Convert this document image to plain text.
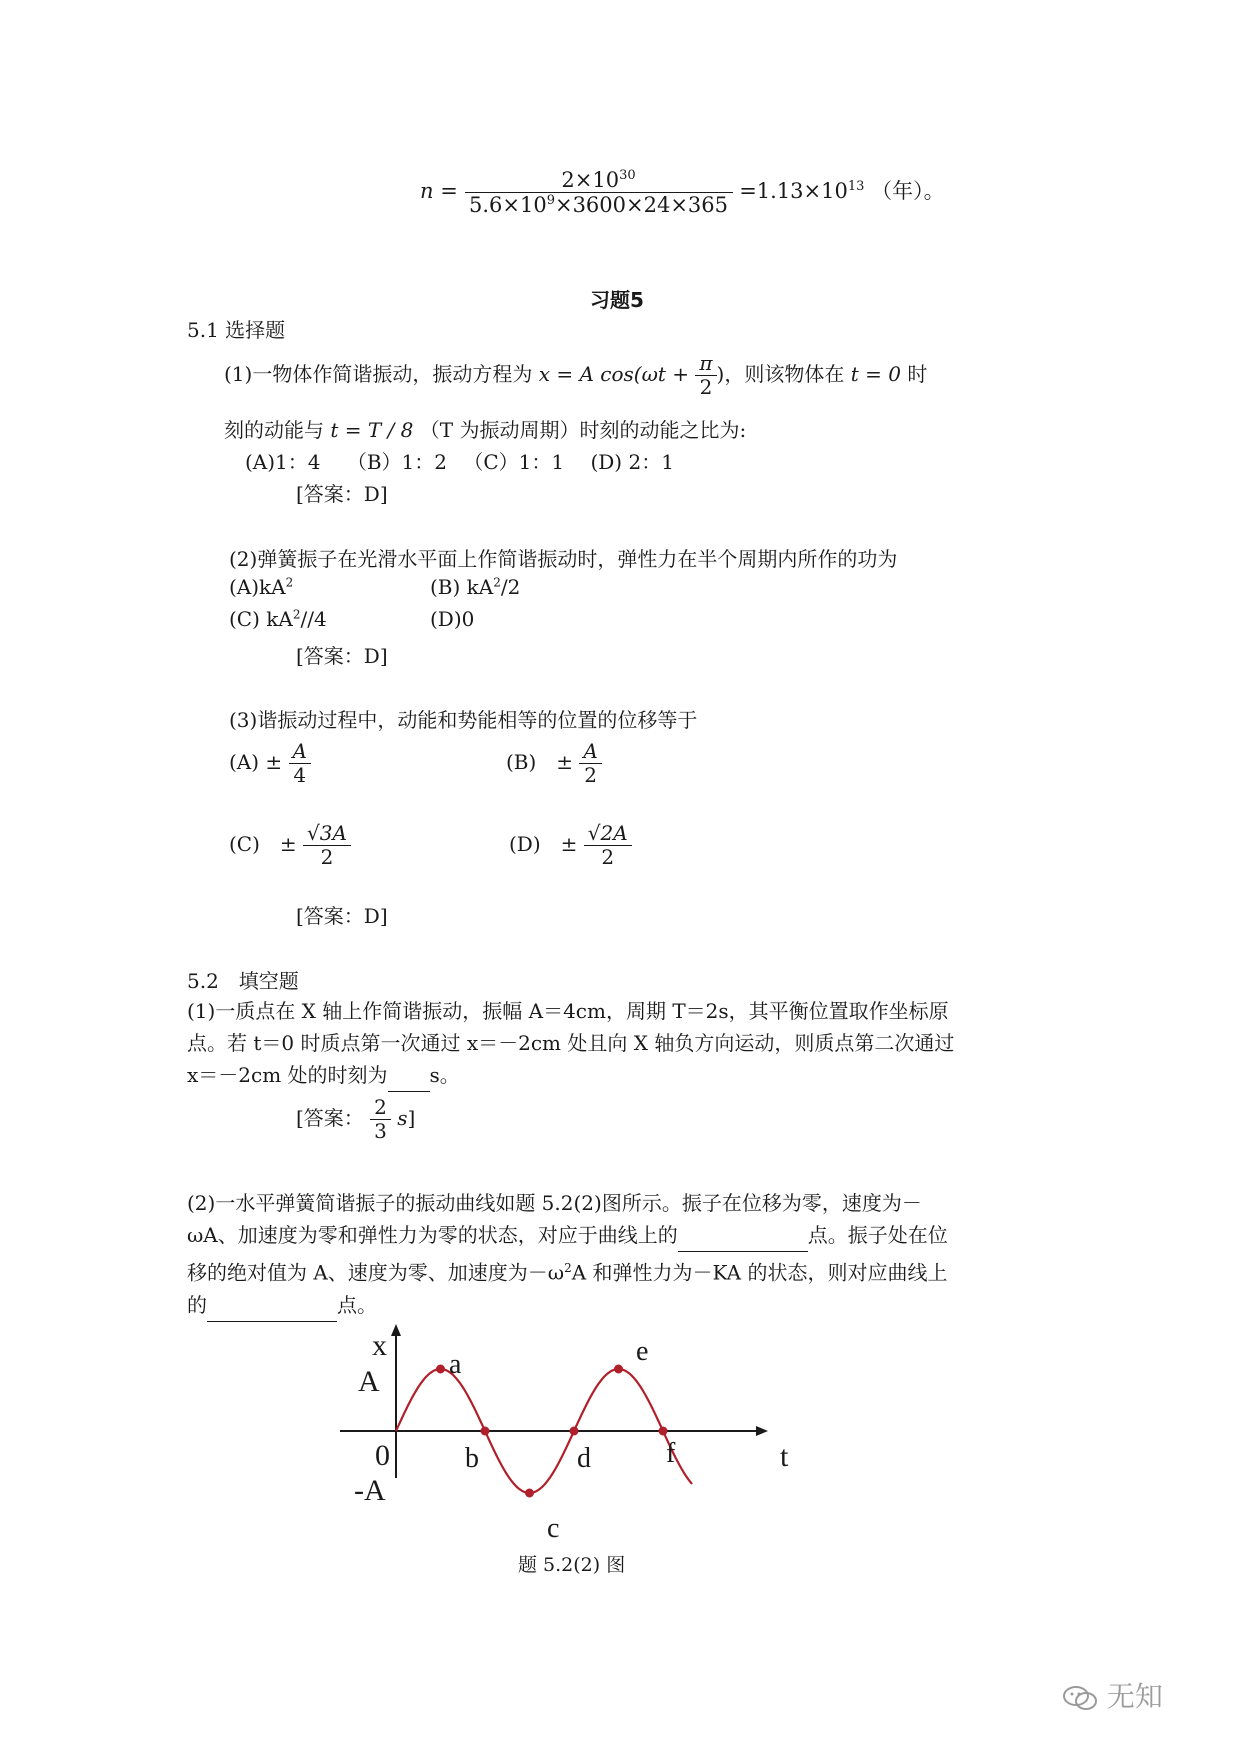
$n = \frac{2\times 10^{30}}{5.6\times 10^9\times 3600\times 24\times 365} =1.13\times 10^{13}$ （年）。
习题5
5.1 选择题
(1)一物体作简谐振动，振动方程为 x = A $\cos(\omega t + \frac{\pi}{2}$ )，则该物体在 t = 0 时
刻的动能与 t = T / 8 （T 为振动周期）时刻的动能之比为:
(A)1：4　 （B）1：2 　（C）1：1 　(D) 2：1
[答案：D]
(2)弹簧振子在光滑水平面上作简谐振动时，弹性力在半个周期内所作的功为
$(A)kA^2$	(B) $kA^2/2$
(C) $kA^2//4$	(D)0
[答案：D]
(3)谐振动过程中，动能和势能相等的位置的位移等于
$(A) \pm \frac{A}{4}$	(B)　± $\frac{A}{2}$
(C)　± $\frac{√3A}{2}$	(D)　± $\frac{√2A}{2}$
[答案：D]
5.2　填空题
(1)一质点在 X 轴上作简谐振动，振幅 A＝4cm，周期 T＝2s，其平衡位置取作坐标原点。若 t＝0 时质点第一次通过 x＝－2cm 处且向 X 轴负方向运动，则质点第二次通过 x＝－2cm 处的时刻为 s。
[答案： $\frac{2}{3} s$]
(2)一水平弹簧简谐振子的振动曲线如题 5.2(2)图所示。振子在位移为零，速度为－ωA、加速度为零和弹性力为零的状态，对应于曲线上的	点。振子处在位移的绝对值为 A、速度为零、加速度为$-\omega^2A$ 和弹性力为－KA 的状态，则对应曲线上的	点。
x
A
0
-A
t
a
b
c
d
e
f
题 5.2(2) 图
无知
